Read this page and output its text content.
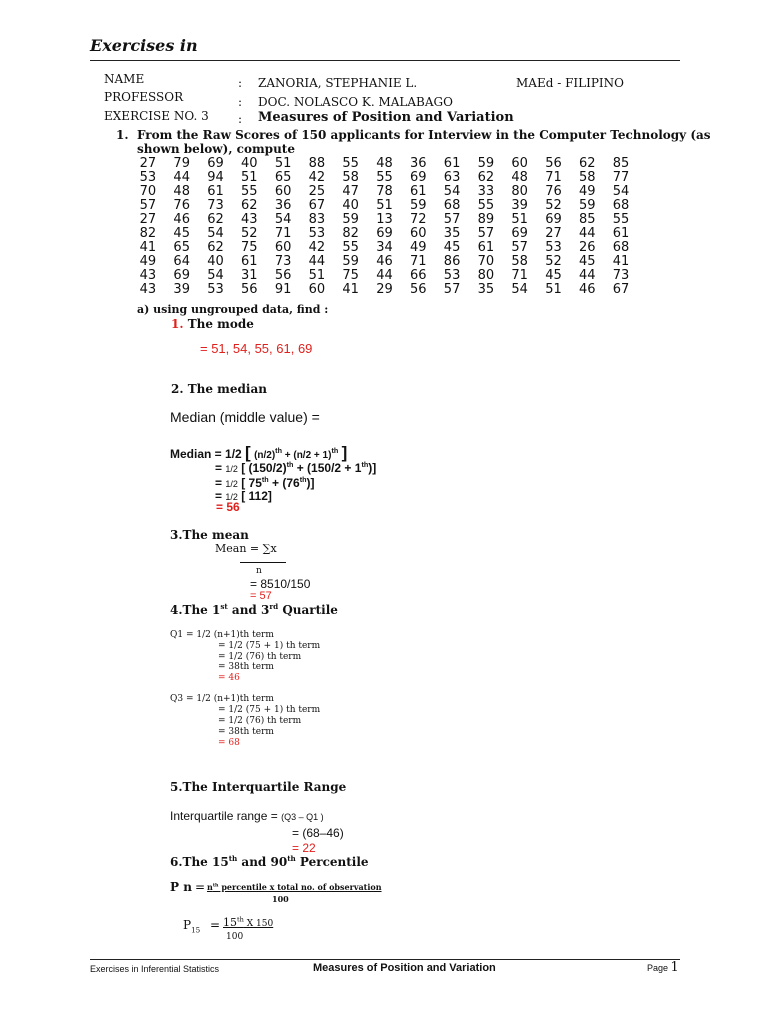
Exercises in
NAME	: ZANORIA, STEPHANIE L.	MAEd - FILIPINO
PROFESSOR	: DOC. NOLASCO K. MALABAGO
EXERCISE NO. 3 : Measures of Position and Variation
1. From the Raw Scores of 150 applicants for Interview in the Computer Technology (as
shown below), compute
27	79	69	40	51	88	55	48	36	61	59	60	56	62	85
53	44	94	51	65	42	58	55	69	63	62	48	71	58	77
70	48	61	55	60	25	47	78	61	54	33	80	76	49	54
57	76	73	62	36	67	40	51	59	68	55	39	52	59	68
27	46	62	43	54	83	59	13	72	57	89	51	69	85	55
82	45	54	52	71	53	82	69	60	35	57	69	27	44	61
41	65	62	75	60	42	55	34	49	45	61	57	53	26	68
49	64	40	61	73	44	59	46	71	86	70	58	52	45	41
43	69	54	31	56	51	75	44	66	53	80	71	45	44	73
43	39	53	56	91	60	41	29	56	57	35	54	51	46	67
a) using ungrouped data, find :
1. The mode
= 51, 54, 55, 61, 69
2. The median
Median (middle value) =
Median = 1/2 [ $(n/2)^{th} + (n/2 + 1)^{th}$ ]
= 1/2 [ $(150/2)^{th} + (150/2 + 1th)$]
= 1/2 [ 75th + (76th)]
= 1/2 [ 112]
= 56
3.The mean
Mean = ∑x
n
= 8510/150
= 57
4.The 1st and 3rd Quartile
Q1 = 1/2 (n+1)th term
= 1/2 (75 + 1) th term
= 1/2 (76) th term
= 38th term
= 46
Q3 = 1/2 (n+1)th term
= 1/2 (75 + 1) th term
= 1/2 (76) th term
= 38th term
= 68
5.The Interquartile Range
Interquartile range = (Q3 – Q1 )
= (68–46)
= 22
6.The 15th and 90th Percentile
P $n = n^{th}$ percentile x total no. of observation
100
$P_{15} = 15th$ X 150
100
Exercises in Inferential Statistics	Measures of Position and Variation	Page 1
